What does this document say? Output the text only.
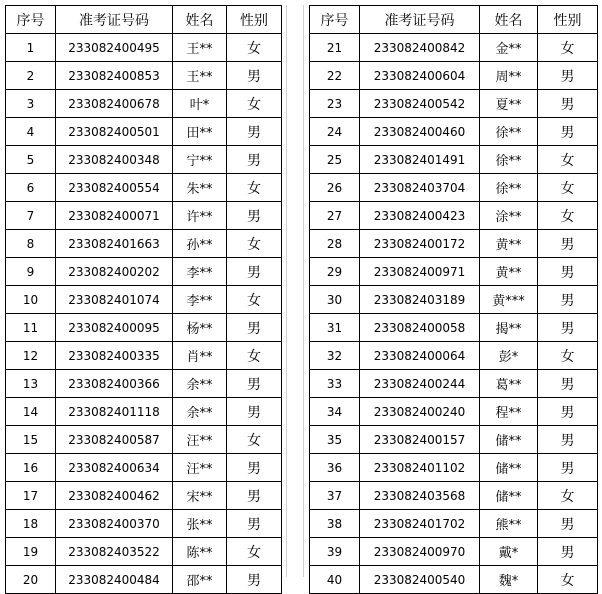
序号	准考证号码	姓名	性别
1	233082400495	王**	女
2	233082400853	王**	男
3	233082400678	叶*	女
4	233082400501	田**	男
5	233082400348	宁**	男
6	233082400554	朱**	女
7	233082400071	许**	男
8	233082401663	孙**	女
9	233082400202	李**	男
10	233082401074	李**	女
11	233082400095	杨**	男
12	233082400335	肖**	女
13	233082400366	余**	男
14	233082401118	余**	男
15	233082400587	汪**	女
16	233082400634	汪**	男
17	233082400462	宋**	男
18	233082400370	张**	男
19	233082403522	陈**	女
20	233082400484	邵**	男
序号	准考证号码	姓名	性别
21	233082400842	金**	女
22	233082400604	周**	男
23	233082400542	夏**	男
24	233082400460	徐**	男
25	233082401491	徐**	女
26	233082403704	徐**	女
27	233082400423	涂**	女
28	233082400172	黄**	男
29	233082400971	黄**	男
30	233082403189	黄***	男
31	233082400058	揭**	男
32	233082400064	彭*	女
33	233082400244	葛**	男
34	233082400240	程**	男
35	233082400157	储**	男
36	233082401102	储**	男
37	233082403568	储**	女
38	233082401702	熊**	男
39	233082400970	戴*	男
40	233082400540	魏*	女
